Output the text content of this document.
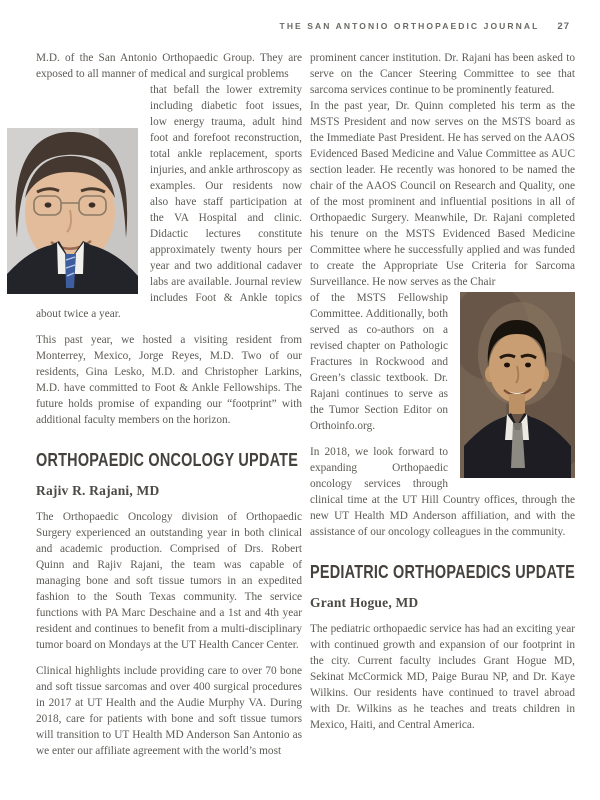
THE SAN ANTONIO ORTHOPAEDIC JOURNAL 27

M.D. of the San Antonio Orthopaedic Group. They are exposed to all manner of medical and surgical problems

that befall the lower extremity including diabetic foot issues, low energy trauma, adult hind foot and forefoot reconstruction, total ankle replacement, sports injuries, and ankle arthroscopy as examples. Our residents now also have staff participation at the VA Hospital and clinic. Didactic lectures constitute approximately twenty hours per year and two additional cadaver labs are available. Journal review includes Foot & Ankle topics about twice a year.

This past year, we hosted a visiting resident from Monterrey, Mexico, Jorge Reyes, M.D. Two of our residents, Gina Lesko, M.D. and Christopher Larkins, M.D. have committed to Foot & Ankle Fellowships. The future holds promise of expanding our “footprint” with additional faculty members on the horizon.

ORTHOPAEDIC ONCOLOGY UPDATE
Rajiv R. Rajani, MD

The Orthopaedic Oncology division of Orthopaedic Surgery experienced an outstanding year in both clinical and academic production. Comprised of Drs. Robert Quinn and Rajiv Rajani, the team was capable of managing bone and soft tissue tumors in an expedited fashion to the South Texas community. The service functions with PA Marc Deschaine and a 1st and 4th year resident and continues to benefit from a multi-disciplinary tumor board on Mondays at the UT Health Cancer Center.

Clinical highlights include providing care to over 70 bone and soft tissue sarcomas and over 400 surgical procedures in 2017 at UT Health and the Audie Murphy VA. During 2018, care for patients with bone and soft tissue tumors will transition to UT Health MD Anderson San Antonio as we enter our affiliate agreement with the world’s most

prominent cancer institution. Dr. Rajani has been asked to serve on the Cancer Steering Committee to see that sarcoma services continue to be prominently featured.

In the past year, Dr. Quinn completed his term as the MSTS President and now serves on the MSTS board as the Immediate Past President. He has served on the AAOS Evidenced Based Medicine and Value Committee as AUC section leader. He recently was honored to be named the chair of the AAOS Council on Research and Quality, one of the most prominent and influential positions in all of Orthopaedic Surgery. Meanwhile, Dr. Rajani completed his tenure on the MSTS Evidenced Based Medicine Committee where he successfully applied and was funded to create the Appropriate Use Criteria for Sarcoma Surveillance. He now serves as the Chair

of the MSTS Fellowship Committee. Additionally, both served as co-authors on a revised chapter on Pathologic Fractures in Rockwood and Green’s classic textbook. Dr. Rajani continues to serve as the Tumor Section Editor on Orthoinfo.org.

In 2018, we look forward to expanding Orthopaedic oncology services through clinical time at the UT Hill Country offices, through the new UT Health MD Anderson affiliation, and with the assistance of our oncology colleagues in the community.

PEDIATRIC ORTHOPAEDICS UPDATE
Grant Hogue, MD

The pediatric orthopaedic service has had an exciting year with continued growth and expansion of our footprint in the city. Current faculty includes Grant Hogue MD, Sekinat McCormick MD, Paige Burau NP, and Dr. Kaye Wilkins. Our residents have continued to travel abroad with Dr. Wilkins as he teaches and treats children in Mexico, Haiti, and Central America.
